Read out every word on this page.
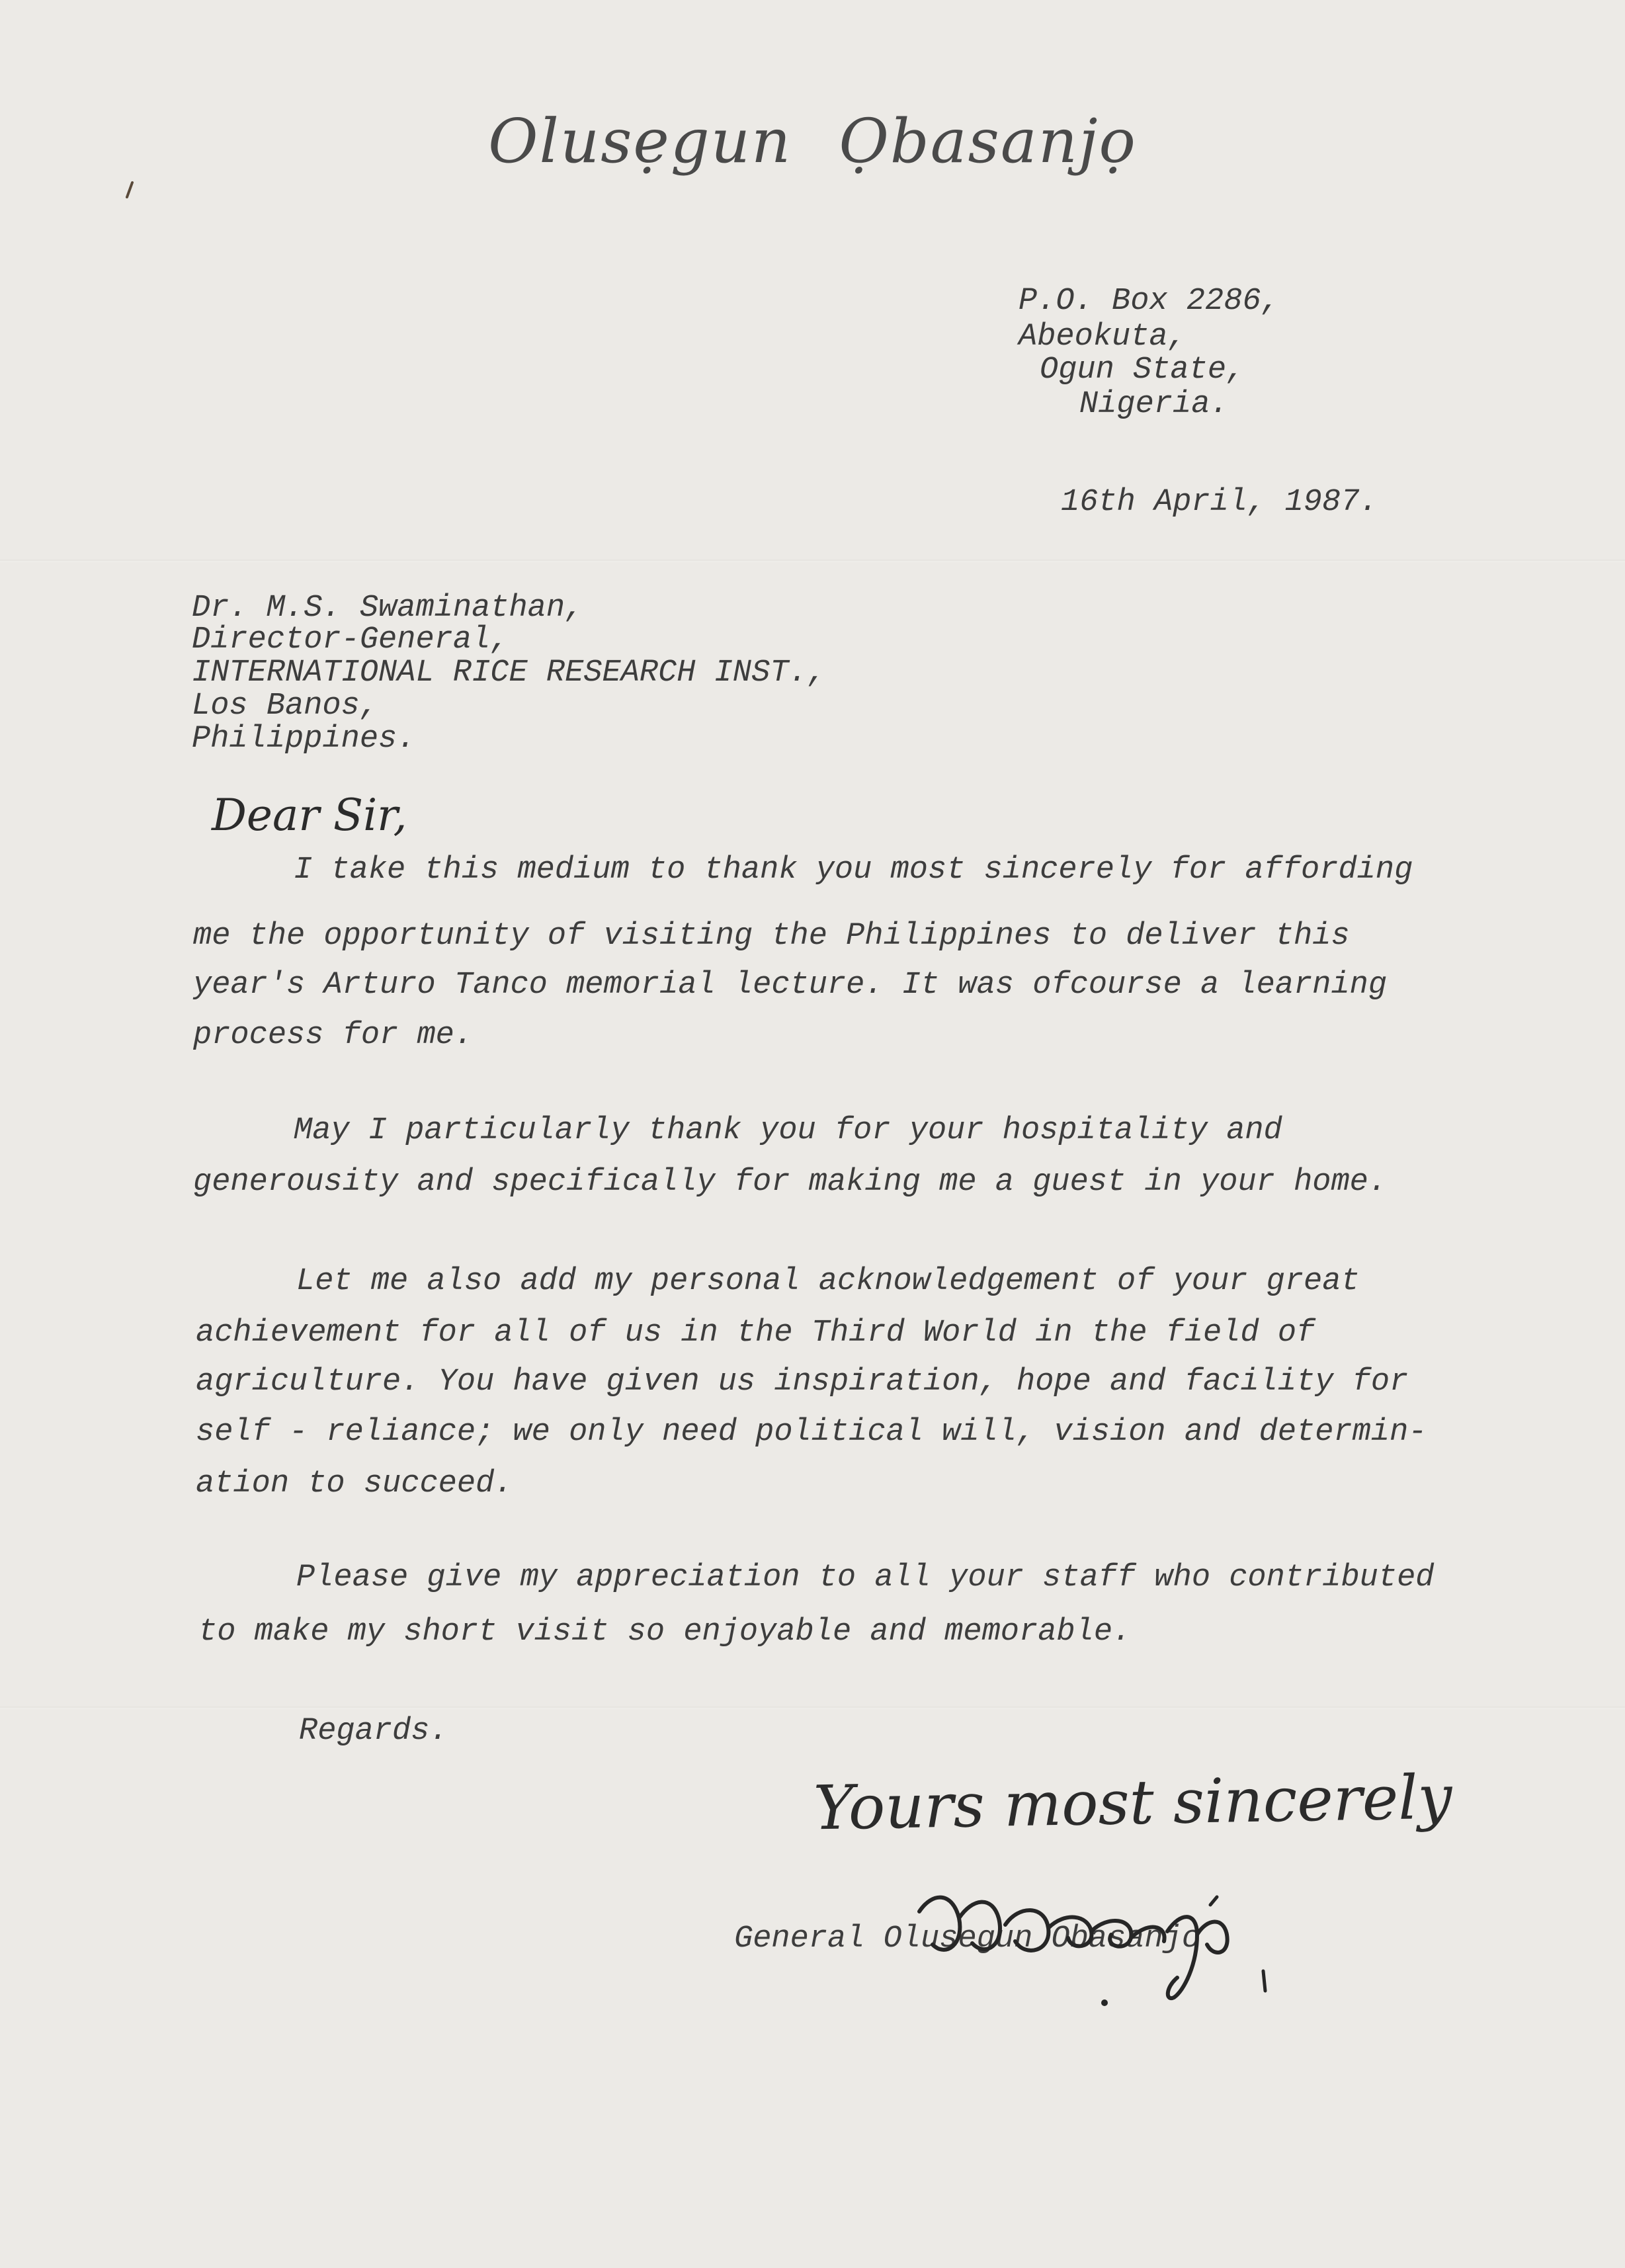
Olusẹgun Ọbasanjọ
P.O. Box 2286,
Abeokuta,
Ogun State,
Nigeria.
16th April, 1987.
Dr. M.S. Swaminathan,
Director-General,
INTERNATIONAL RICE RESEARCH INST.,
Los Banos,
Philippines.
Dear Sir,
I take this medium to thank you most sincerely for affording
me the opportunity of visiting the Philippines to deliver this
year's Arturo Tanco memorial lecture. It was ofcourse a learning
process for me.
May I particularly thank you for your hospitality and
generousity and specifically for making me a guest in your home.
Let me also add my personal acknowledgement of your great
achievement for all of us in the Third World in the field of
agriculture. You have given us inspiration, hope and facility for
self - reliance; we only need political will, vision and determin-
ation to succeed.
Please give my appreciation to all your staff who contributed
to make my short visit so enjoyable and memorable.
Regards.
Yours most sincerely
General Olusegun Obasanjo
